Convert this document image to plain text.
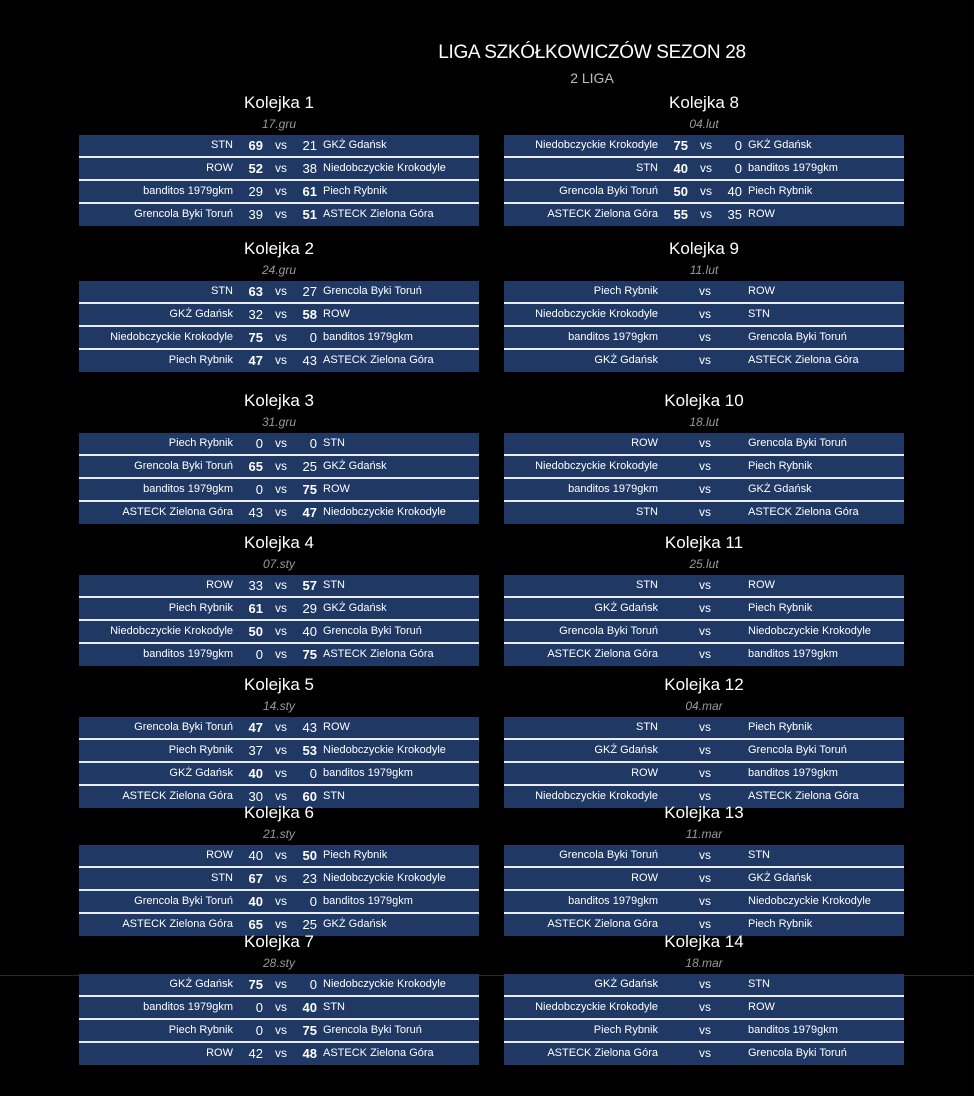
LIGA SZKÓŁKOWICZÓW SEZON 28
2 LIGA
Kolejka 1
17.gru
STN	69	vs	21 GKŻ Gdańsk
ROW	52	vs	38 Niedobczyckie Krokodyle
banditos 1979gkm	29	vs	61 Piech Rybnik
Grencola Byki Toruń	39	vs	51 ASTECK Zielona Góra
Kolejka 2
24.gru
STN	63	vs	27 Grencola Byki Toruń
GKŻ Gdańsk	32	vs	58 ROW
Niedobczyckie Krokodyle	75	vs	0 banditos 1979gkm
Piech Rybnik	47	vs	43 ASTECK Zielona Góra
Kolejka 3
31.gru
Piech Rybnik	0	vs	0 STN
Grencola Byki Toruń	65	vs	25 GKŻ Gdańsk
banditos 1979gkm	0	vs	75 ROW
ASTECK Zielona Góra	43	vs	47 Niedobczyckie Krokodyle
Kolejka 4
07.sty
ROW	33	vs	57 STN
Piech Rybnik	61	vs	29 GKŻ Gdańsk
Niedobczyckie Krokodyle	50	vs	40 Grencola Byki Toruń
banditos 1979gkm	0	vs	75 ASTECK Zielona Góra
Kolejka 5
14.sty
Grencola Byki Toruń	47	vs	43 ROW
Piech Rybnik	37	vs	53 Niedobczyckie Krokodyle
GKŻ Gdańsk	40	vs	0 banditos 1979gkm
ASTECK Zielona Góra	30	vs	60 STN
Kolejka 6
21.sty
ROW	40	vs	50 Piech Rybnik
STN	67	vs	23 Niedobczyckie Krokodyle
Grencola Byki Toruń	40	vs	0 banditos 1979gkm
ASTECK Zielona Góra	65	vs	25 GKŻ Gdańsk
Kolejka 7
28.sty
GKŻ Gdańsk	75	vs	0 Niedobczyckie Krokodyle
banditos 1979gkm	0	vs	40 STN
Piech Rybnik	0	vs	75 Grencola Byki Toruń
ROW	42	vs	48 ASTECK Zielona Góra
Kolejka 8
04.lut
Niedobczyckie Krokodyle	75	vs	0 GKŻ Gdańsk
STN	40	vs	0 banditos 1979gkm
Grencola Byki Toruń	50	vs	40 Piech Rybnik
ASTECK Zielona Góra	55	vs	35 ROW
Kolejka 9
11.lut
Piech Rybnik	vs	ROW
Niedobczyckie Krokodyle	vs	STN
banditos 1979gkm	vs	Grencola Byki Toruń
GKŻ Gdańsk	vs	ASTECK Zielona Góra
Kolejka 10
18.lut
ROW	vs	Grencola Byki Toruń
Niedobczyckie Krokodyle	vs	Piech Rybnik
banditos 1979gkm	vs	GKŻ Gdańsk
STN	vs	ASTECK Zielona Góra
Kolejka 11
25.lut
STN	vs	ROW
GKŻ Gdańsk	vs	Piech Rybnik
Grencola Byki Toruń	vs	Niedobczyckie Krokodyle
ASTECK Zielona Góra	vs	banditos 1979gkm
Kolejka 12
04.mar
STN	vs	Piech Rybnik
GKŻ Gdańsk	vs	Grencola Byki Toruń
ROW	vs	banditos 1979gkm
Niedobczyckie Krokodyle	vs	ASTECK Zielona Góra
Kolejka 13
11.mar
Grencola Byki Toruń	vs	STN
ROW	vs	GKŻ Gdańsk
banditos 1979gkm	vs	Niedobczyckie Krokodyle
ASTECK Zielona Góra	vs	Piech Rybnik
Kolejka 14
18.mar
GKŻ Gdańsk	vs	STN
Niedobczyckie Krokodyle	vs	ROW
Piech Rybnik	vs	banditos 1979gkm
ASTECK Zielona Góra	vs	Grencola Byki Toruń
